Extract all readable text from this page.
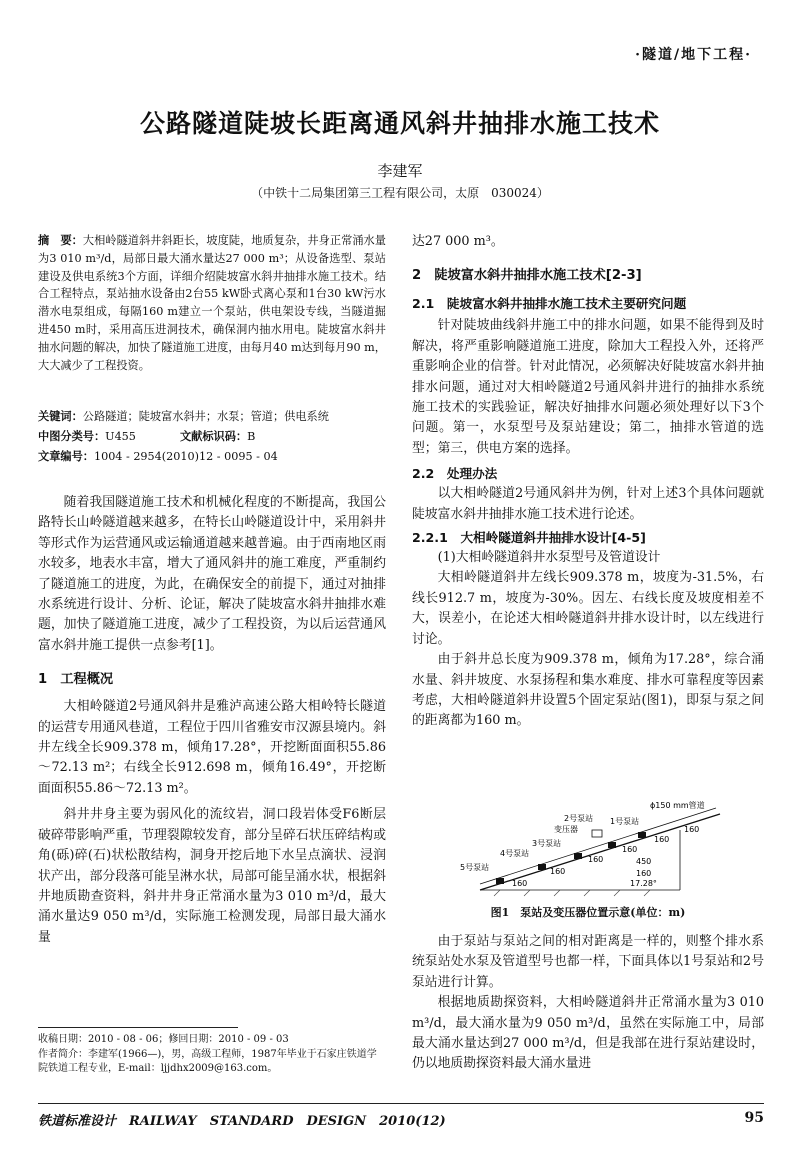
·隧道/地下工程·
公路隧道陡坡长距离通风斜井抽排水施工技术
李建军
（中铁十二局集团第三工程有限公司，太原　030024）
摘　要：大相岭隧道斜井斜距长，坡度陡，地质复杂，井身正常涌水量为3 010 m³/d，局部日最大涌水量达27 000 m³；从设备选型、泵站建设及供电系统3个方面，详细介绍陡坡富水斜井抽排水施工技术。结合工程特点，泵站抽水设备由2台55 kW卧式离心泵和1台30 kW污水潜水电泵组成，每隔160 m建立一个泵站，供电架设专线，当隧道掘进450 m时，采用高压进洞技术，确保洞内抽水用电。陡坡富水斜井抽水问题的解决，加快了隧道施工进度，由每月40 m达到每月90 m，大大减少了工程投资。
关键词：公路隧道；陡坡富水斜井；水泵；管道；供电系统
中图分类号：U455	文献标识码：B
文章编号：1004 - 2954(2010)12 - 0095 - 04

随着我国隧道施工技术和机械化程度的不断提高，我国公路特长山岭隧道越来越多，在特长山岭隧道设计中，采用斜井等形式作为运营通风或运输通道越来越普遍。由于西南地区雨水较多，地表水丰富，增大了通风斜井的施工难度，严重制约了隧道施工的进度，为此，在确保安全的前提下，通过对抽排水系统进行设计、分析、论证，解决了陡坡富水斜井抽排水难题，加快了隧道施工进度，减少了工程投资，为以后运营通风富水斜井施工提供一点参考[1]。

1　工程概况

大相岭隧道2号通风斜井是雅泸高速公路大相岭特长隧道的运营专用通风巷道，工程位于四川省雅安市汉源县境内。斜井左线全长909.378 m，倾角17.28°，开挖断面面积55.86～72.13 m²；右线全长912.698 m，倾角16.49°，开挖断面面积55.86～72.13 m²。

斜井井身主要为弱风化的流纹岩，洞口段岩体受F6断层破碎带影响严重，节理裂隙较发育，部分呈碎石状压碎结构或角(砾)碎(石)状松散结构，洞身开挖后地下水呈点滴状、浸润状产出，部分段落可能呈淋水状，局部可能呈涌水状，根据斜井地质勘查资料，斜井井身正常涌水量为3 010 m³/d，最大涌水量达9 050 m³/d，实际施工检测发现，局部日最大涌水量

收稿日期：2010 - 08 - 06；修回日期：2010 - 09 - 03
作者简介：李建军(1966—)，男，高级工程师，1987年毕业于石家庄铁道学院铁道工程专业，E-mail：ljjdhx2009@163.com。

达27 000 m³。

2　陡坡富水斜井抽排水施工技术[2-3]
2.1　陡坡富水斜井抽排水施工技术主要研究问题

针对陡坡曲线斜井施工中的排水问题，如果不能得到及时解决，将严重影响隧道施工进度，除加大工程投入外，还将严重影响企业的信誉。针对此情况，必须解决好陡坡富水斜井抽排水问题，通过对大相岭隧道2号通风斜井进行的抽排水系统施工技术的实践验证，解决好抽排水问题必须处理好以下3个问题。第一，水泵型号及泵站建设；第二，抽排水管道的选型；第三，供电方案的选择。

2.2　处理办法

以大相岭隧道2号通风斜井为例，针对上述3个具体问题就陡坡富水斜井抽排水施工技术进行论述。

2.2.1　大相岭隧道斜井抽排水设计[4-5]

(1)大相岭隧道斜井水泵型号及管道设计

大相岭隧道斜井左线长909.378 m，坡度为-31.5%，右线长912.7 m，坡度为-30%。因左、右线长度及坡度相差不大，误差小，在论述大相岭隧道斜井排水设计时，以左线进行讨论。

由于斜井总长度为909.378 m，倾角为17.28°，综合涌水量、斜井坡度、水泵扬程和集水难度、排水可靠程度等因素考虑，大相岭隧道斜井设置5个固定泵站(图1)，即泵与泵之间的距离都为160 m。

ϕ150 mm管道
2号泵站 1号泵站
变压器
3号泵站
4号泵站
5号泵站
160
160
160
160
160
160
450
160
17.28°
图1　泵站及变压器位置示意(单位：m)

由于泵站与泵站之间的相对距离是一样的，则整个排水系统泵站处水泵及管道型号也都一样，下面具体以1号泵站和2号泵站进行计算。

根据地质勘探资料，大相岭隧道斜井正常涌水量为3 010 m³/d，最大涌水量为9 050 m³/d，虽然在实际施工中，局部最大涌水量达到27 000 m³/d，但是我部在进行泵站建设时，仍以地质勘探资料最大涌水量进

铁道标准设计　RAILWAY　STANDARD　DESIGN　2010(12)	95
